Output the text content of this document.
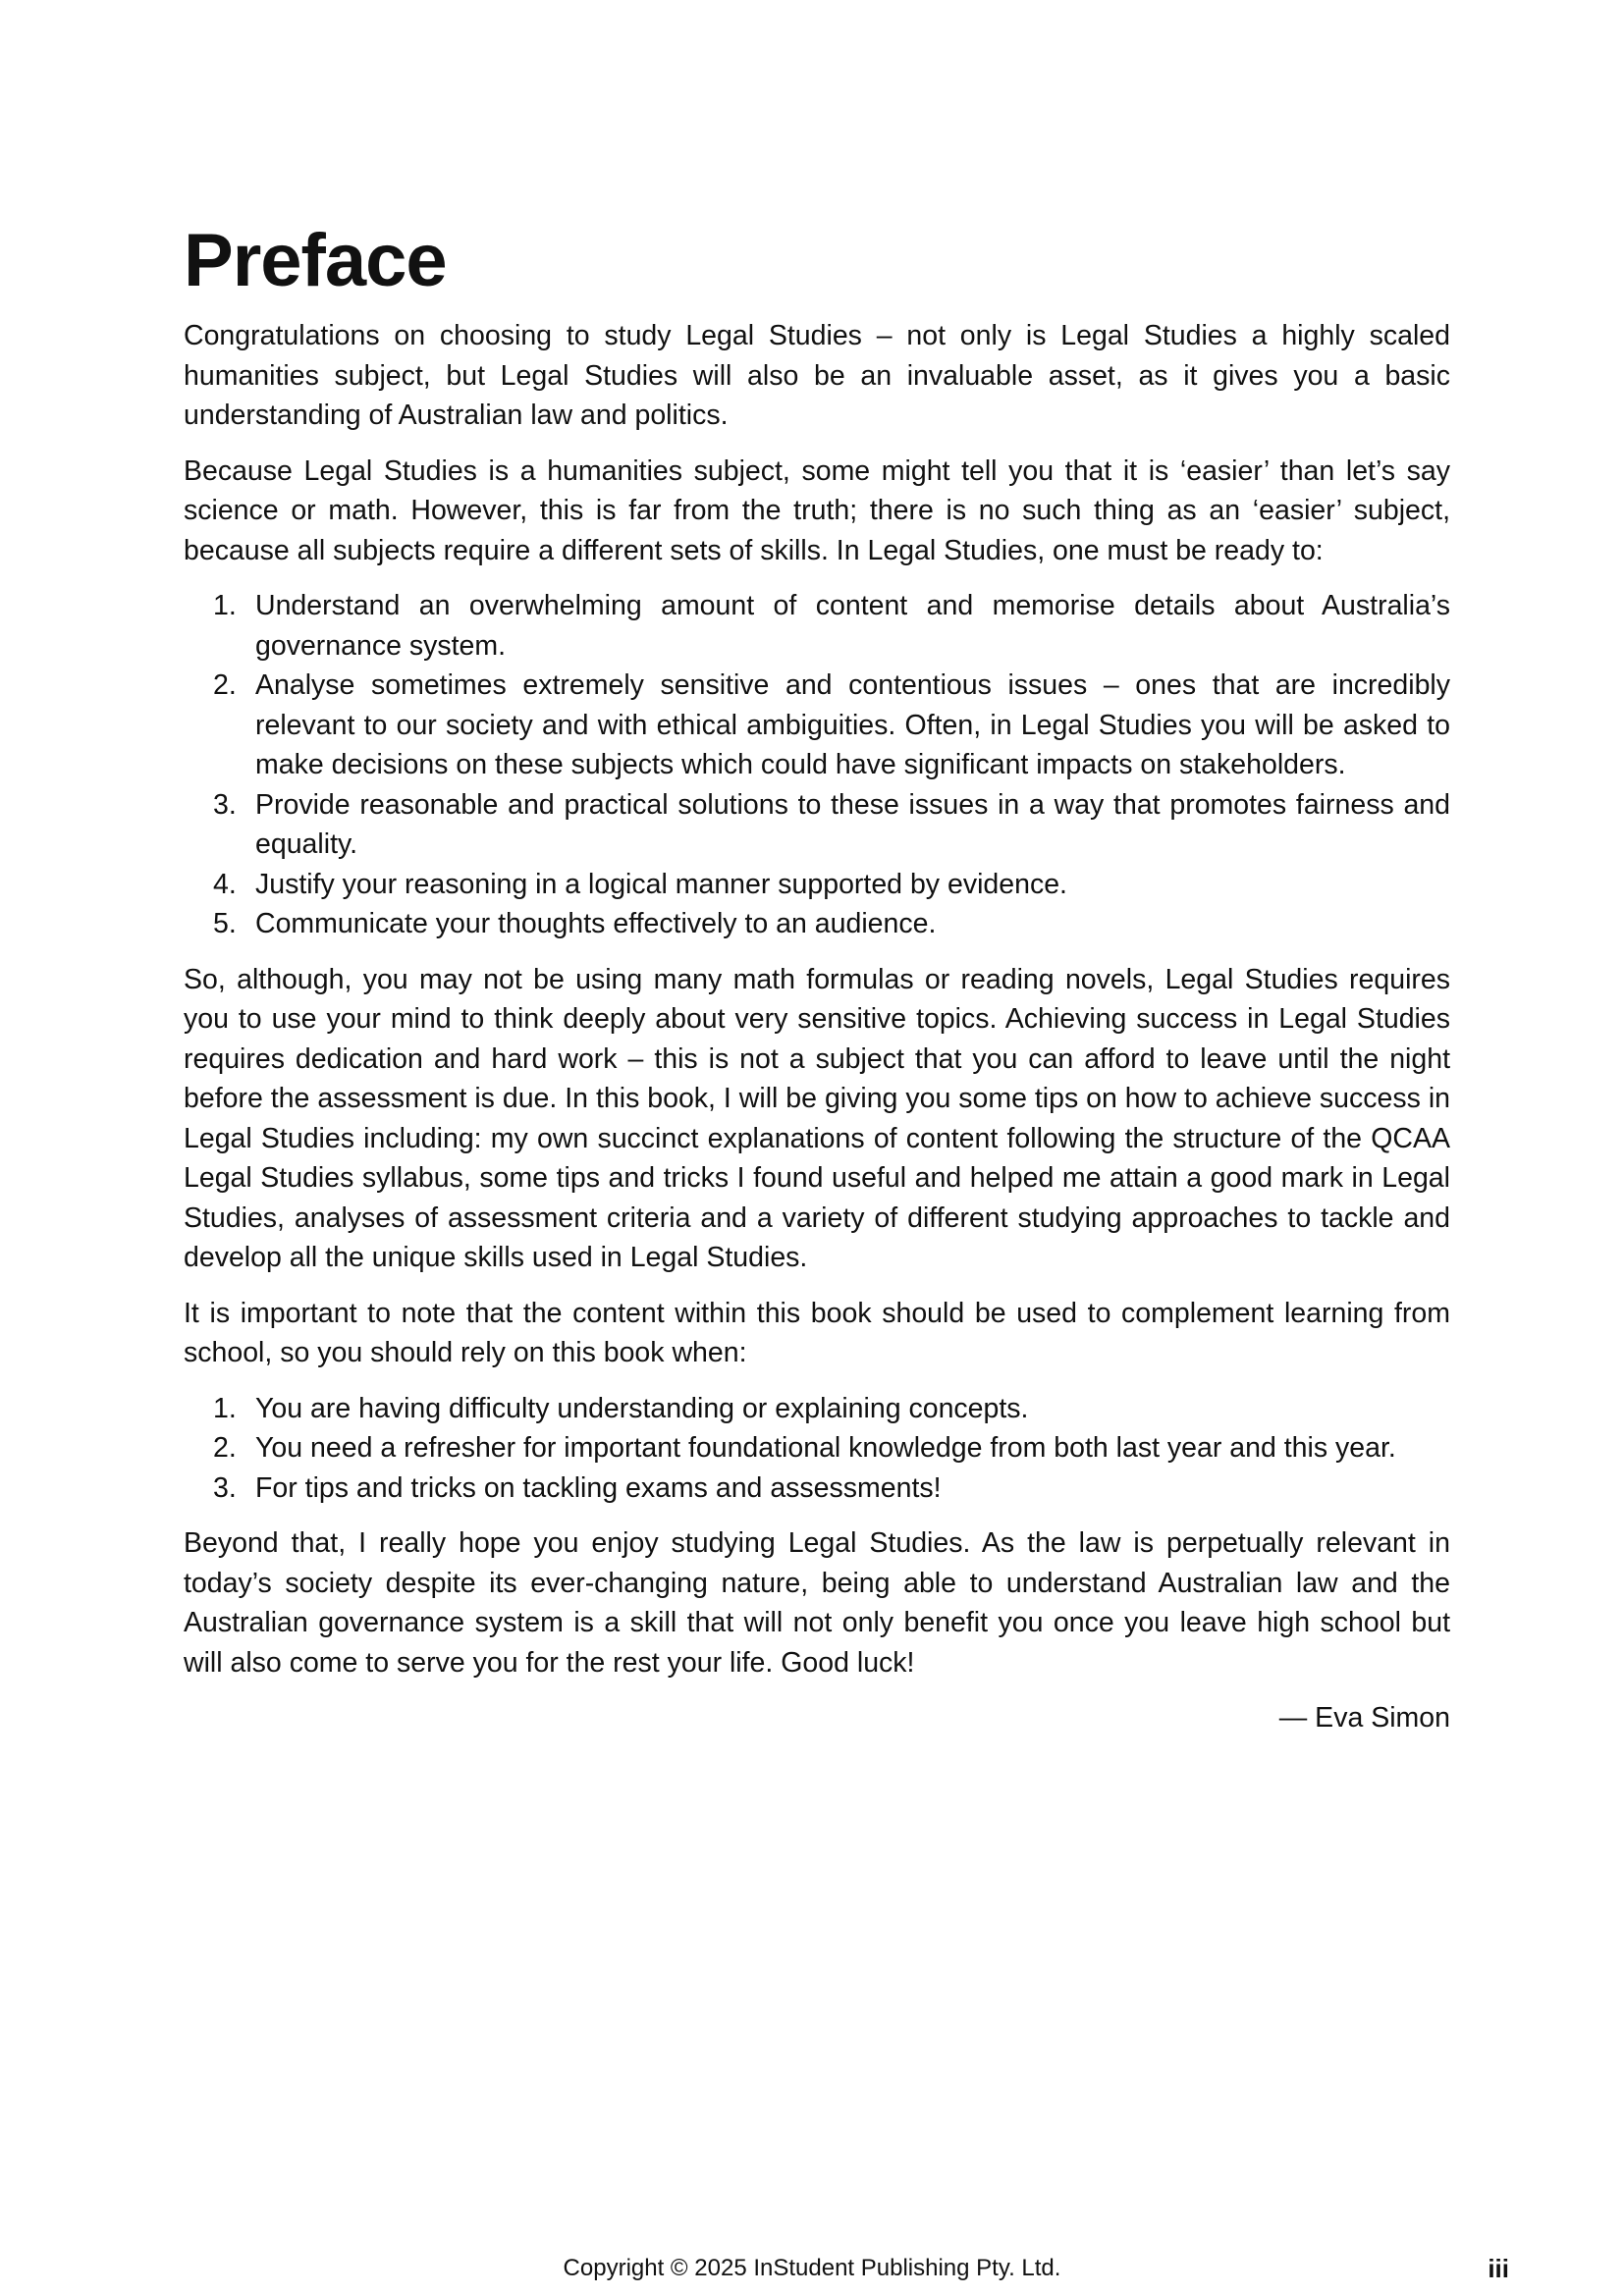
Preface

Congratulations on choosing to study Legal Studies – not only is Legal Studies a highly scaled humanities subject, but Legal Studies will also be an invaluable asset, as it gives you a basic understanding of Australian law and politics.

Because Legal Studies is a humanities subject, some might tell you that it is ‘easier’ than let’s say science or math. However, this is far from the truth; there is no such thing as an ‘easier’ subject, because all subjects require a different sets of skills. In Legal Studies, one must be ready to:

1. Understand an overwhelming amount of content and memorise details about Australia’s governance system.
2. Analyse sometimes extremely sensitive and contentious issues – ones that are incredibly relevant to our society and with ethical ambiguities. Often, in Legal Studies you will be asked to make decisions on these subjects which could have significant impacts on stakeholders.
3. Provide reasonable and practical solutions to these issues in a way that promotes fairness and equality.
4. Justify your reasoning in a logical manner supported by evidence.
5. Communicate your thoughts effectively to an audience.

So, although, you may not be using many math formulas or reading novels, Legal Studies requires you to use your mind to think deeply about very sensitive topics. Achieving success in Legal Studies requires dedication and hard work – this is not a subject that you can afford to leave until the night before the assessment is due. In this book, I will be giving you some tips on how to achieve success in Legal Studies including: my own succinct explanations of content following the structure of the QCAA Legal Studies syllabus, some tips and tricks I found useful and helped me attain a good mark in Legal Studies, analyses of assessment criteria and a variety of different studying approaches to tackle and develop all the unique skills used in Legal Studies.

It is important to note that the content within this book should be used to complement learning from school, so you should rely on this book when:

1. You are having difficulty understanding or explaining concepts.
2. You need a refresher for important foundational knowledge from both last year and this year.
3. For tips and tricks on tackling exams and assessments!

Beyond that, I really hope you enjoy studying Legal Studies. As the law is perpetually relevant in today’s society despite its ever-changing nature, being able to understand Australian law and the Australian governance system is a skill that will not only benefit you once you leave high school but will also come to serve you for the rest your life. Good luck!

— Eva Simon

Copyright © 2025 InStudent Publishing Pty. Ltd.	iii
